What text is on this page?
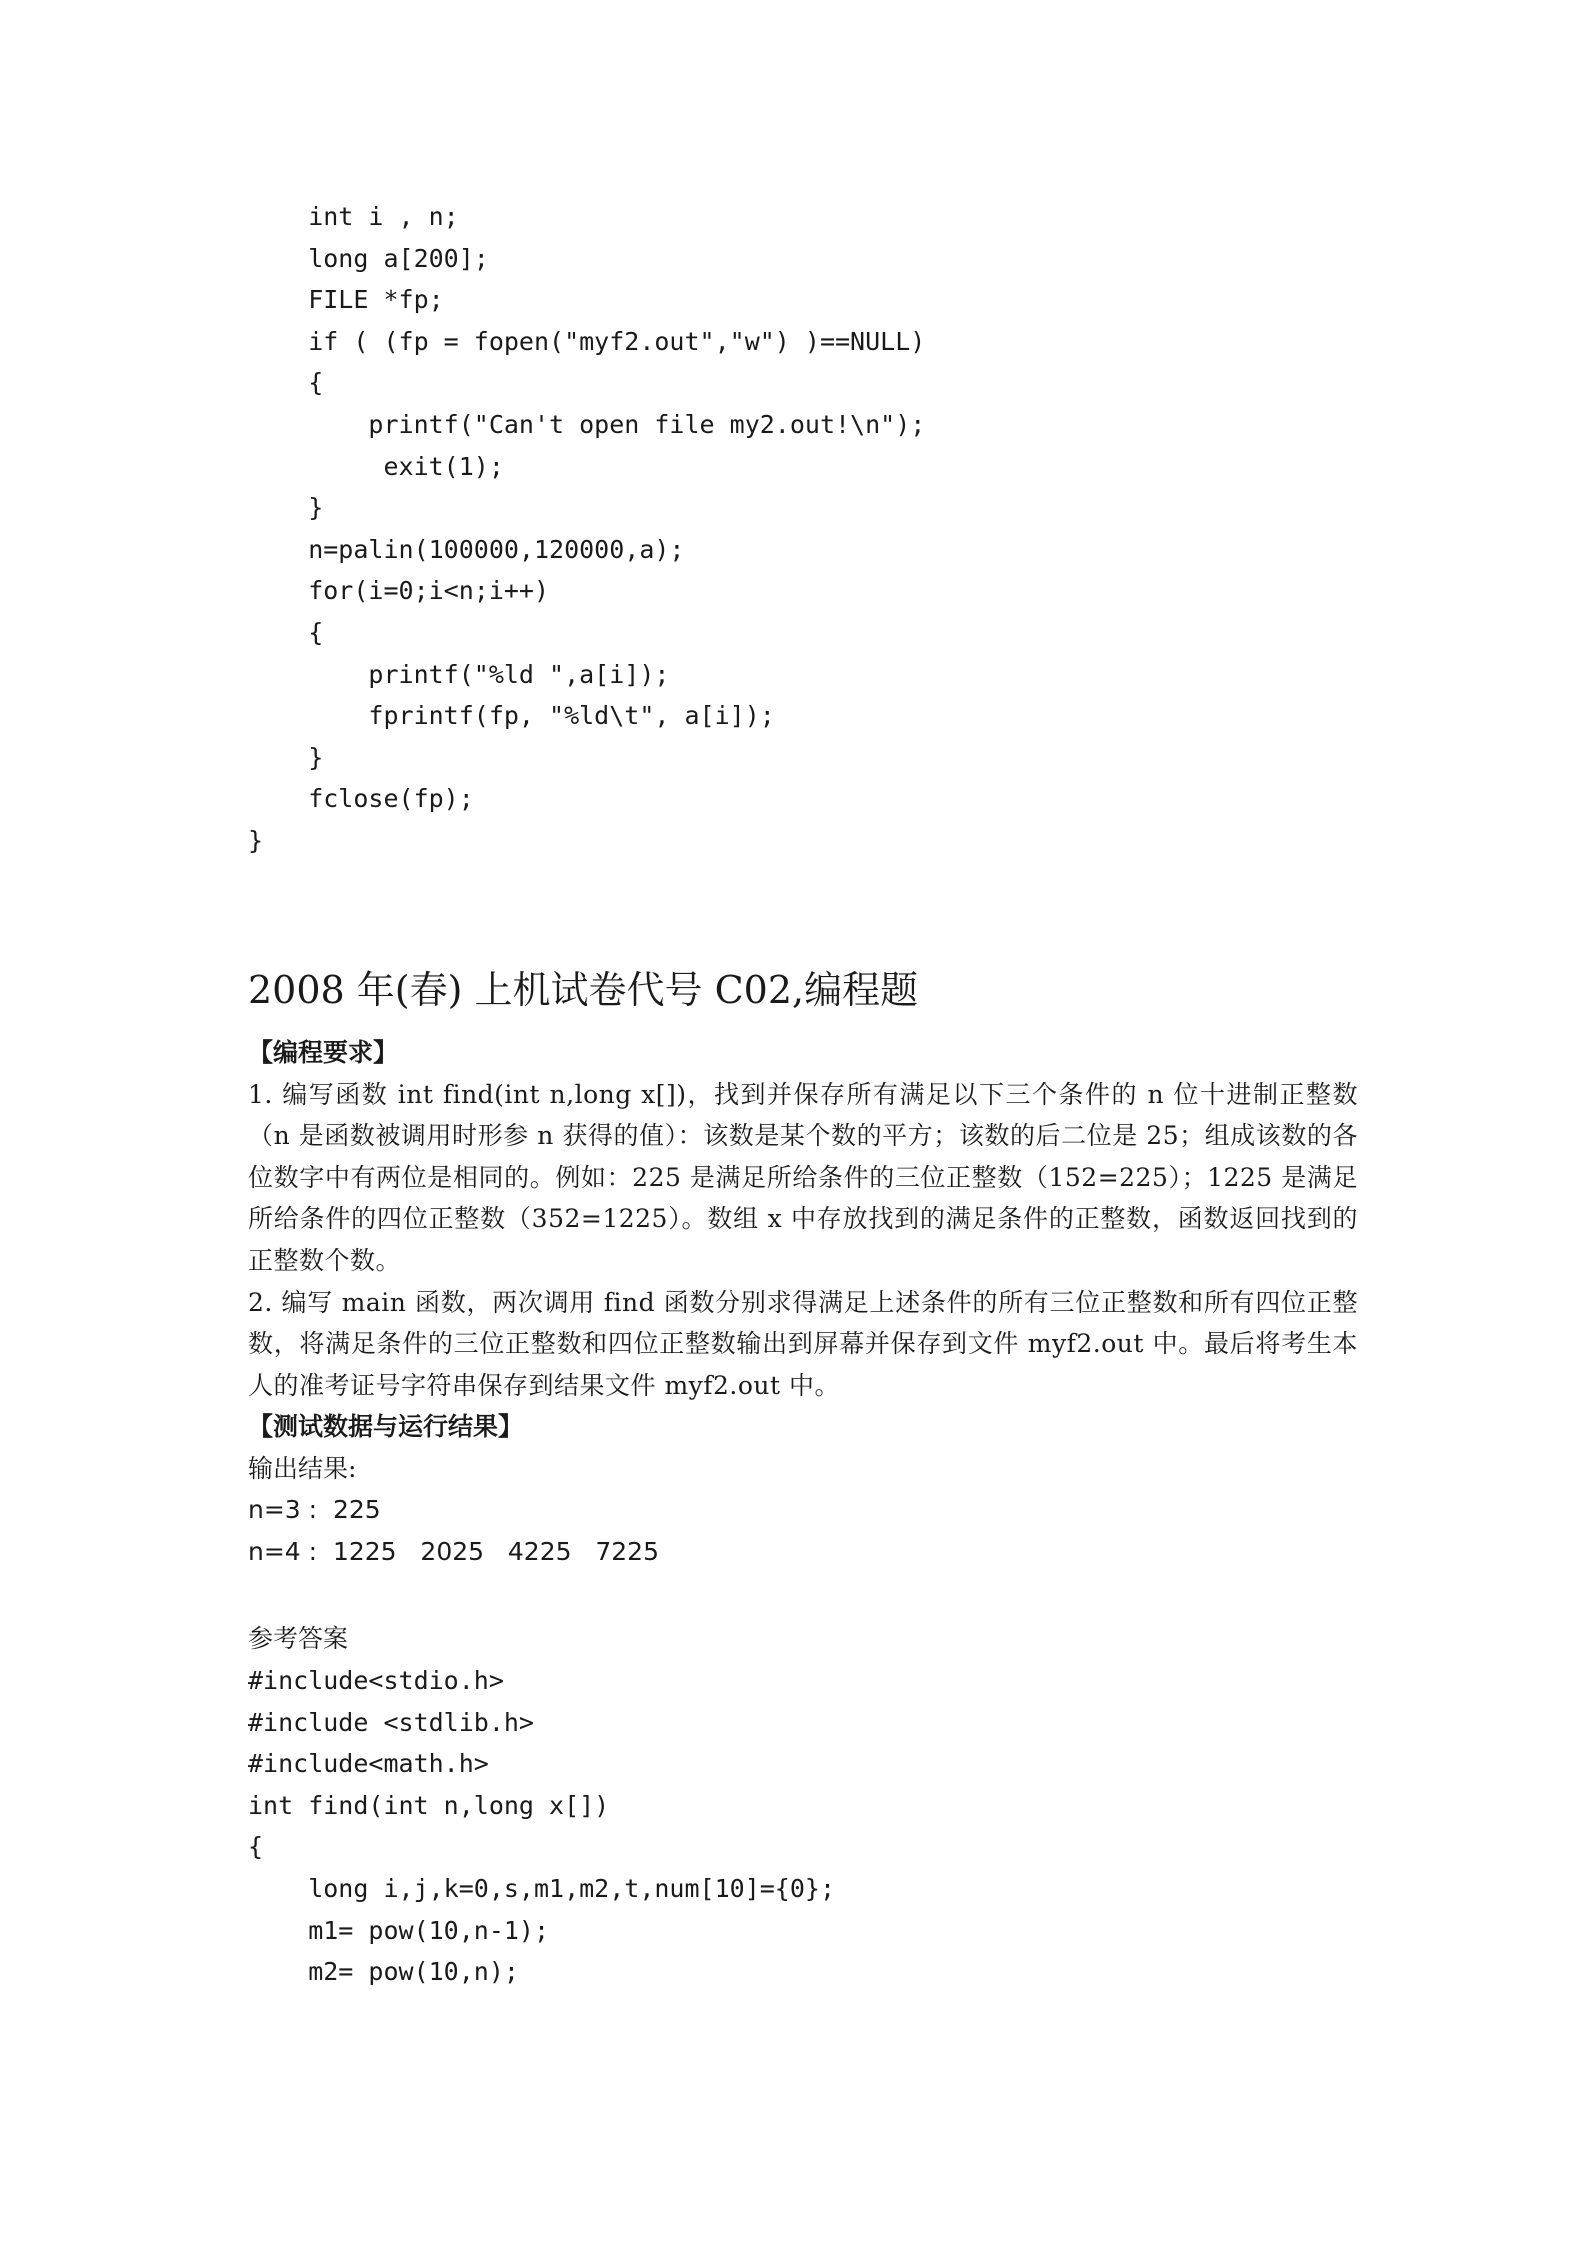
int i , n;
long a[200];
FILE *fp;
if ( (fp = fopen("myf2.out","w") )==NULL)
{
printf("Can't open file my2.out!\n");
exit(1);
}
n=palin(100000,120000,a);
for(i=0;i<n;i++)
{
printf("%ld ",a[i]);
fprintf(fp, "%ld\t", a[i]);
}
fclose(fp);
}
2008 年(春) 上机试卷代号 C02,编程题
【编程要求】
1. 编写函数 int find(int n,long x[])，找到并保存所有满足以下三个条件的 n 位十进制正整数（n 是函数被调用时形参 n 获得的值）：该数是某个数的平方；该数的后二位是 25；组成该数的各位数字中有两位是相同的。例如：225 是满足所给条件的三位正整数（152=225）；1225 是满足所给条件的四位正整数（352=1225）。数组 x 中存放找到的满足条件的正整数，函数返回找到的正整数个数。
2. 编写 main 函数，两次调用 find 函数分别求得满足上述条件的所有三位正整数和所有四位正整数，将满足条件的三位正整数和四位正整数输出到屏幕并保存到文件 myf2.out 中。最后将考生本人的准考证号字符串保存到结果文件 myf2.out 中。
【测试数据与运行结果】
输出结果:
n=3 :  225
n=4 :  1225   2025   4225   7225
参考答案
#include<stdio.h>
#include <stdlib.h>
#include<math.h>
int find(int n,long x[])
{
long i,j,k=0,s,m1,m2,t,num[10]={0};
m1= pow(10,n-1);
m2= pow(10,n);
